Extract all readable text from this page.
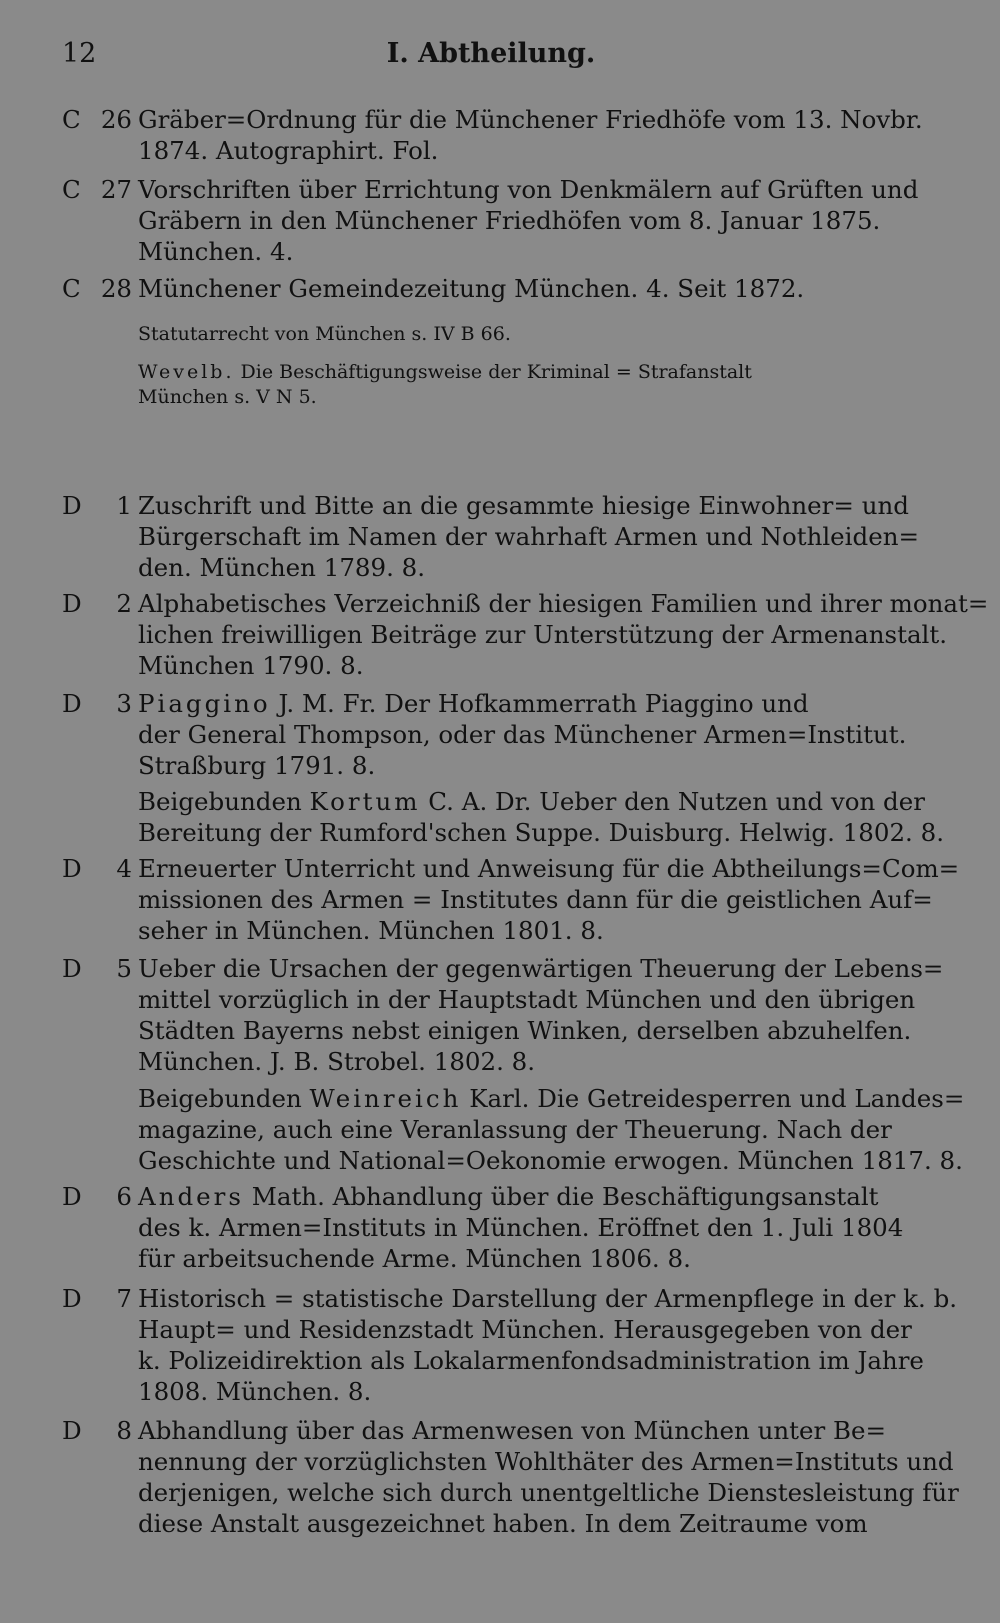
12	I. Abtheilung.
C 26 Gräber=Ordnung für die Münchener Friedhöfe vom 13. Novbr.
1874. Autographirt. Fol.
C 27 Vorschriften über Errichtung von Denkmälern auf Grüften und
Gräbern in den Münchener Friedhöfen vom 8. Januar 1875.
München. 4.
C 28 Münchener Gemeindezeitung München. 4. Seit 1872.
Statutarrecht von München s. IV B 66.
Wevelb. Die Beschäftigungsweise der Kriminal = Strafanstalt
München s. V N 5.
D 1 Zuschrift und Bitte an die gesammte hiesige Einwohner= und
Bürgerschaft im Namen der wahrhaft Armen und Nothleiden=
den. München 1789. 8.
D 2 Alphabetisches Verzeichniß der hiesigen Familien und ihrer monat=
lichen freiwilligen Beiträge zur Unterstützung der Armenanstalt.
München 1790. 8.
D 3 Piaggino J. M. Fr. Der Hofkammerrath Piaggino und
der General Thompson, oder das Münchener Armen=Institut.
Straßburg 1791. 8.
Beigebunden Kortum C. A. Dr. Ueber den Nutzen und von der
Bereitung der Rumford'schen Suppe. Duisburg. Helwig. 1802. 8.
D 4 Erneuerter Unterricht und Anweisung für die Abtheilungs=Com=
missionen des Armen = Institutes dann für die geistlichen Auf=
seher in München. München 1801. 8.
D 5 Ueber die Ursachen der gegenwärtigen Theuerung der Lebens=
mittel vorzüglich in der Hauptstadt München und den übrigen
Städten Bayerns nebst einigen Winken, derselben abzuhelfen.
München. J. B. Strobel. 1802. 8.
Beigebunden Weinreich Karl. Die Getreidesperren und Landes=
magazine, auch eine Veranlassung der Theuerung. Nach der
Geschichte und National=Oekonomie erwogen. München 1817. 8.
D 6 Anders Math. Abhandlung über die Beschäftigungsanstalt
des k. Armen=Instituts in München. Eröffnet den 1. Juli 1804
für arbeitsuchende Arme. München 1806. 8.
D 7 Historisch = statistische Darstellung der Armenpflege in der k. b.
Haupt= und Residenzstadt München. Herausgegeben von der
k. Polizeidirektion als Lokalarmenfondsadministration im Jahre
1808. München. 8.
D 8 Abhandlung über das Armenwesen von München unter Be=
nennung der vorzüglichsten Wohlthäter des Armen=Instituts und
derjenigen, welche sich durch unentgeltliche Dienstesleistung für
diese Anstalt ausgezeichnet haben. In dem Zeitraume vom
